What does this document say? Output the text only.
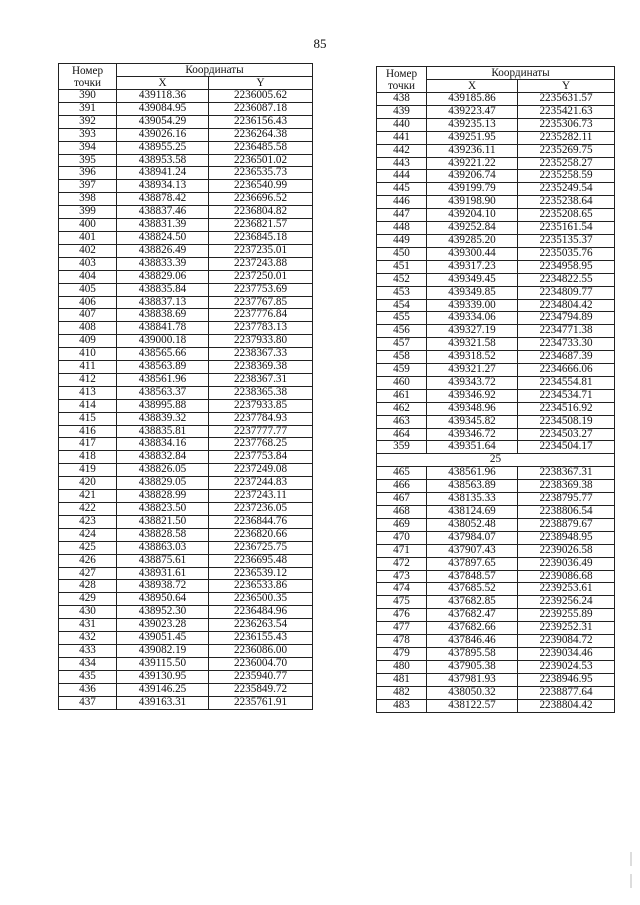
85
Номер
точки	Координаты	
	X	Y
390	439118.36	2236005.62
391	439084.95	2236087.18
392	439054.29	2236156.43
393	439026.16	2236264.38
394	438955.25	2236485.58
395	438953.58	2236501.02
396	438941.24	2236535.73
397	438934.13	2236540.99
398	438878.42	2236696.52
399	438837.46	2236804.82
400	438831.39	2236821.57
401	438824.50	2236845.18
402	438826.49	2237235.01
403	438833.39	2237243.88
404	438829.06	2237250.01
405	438835.84	2237753.69
406	438837.13	2237767.85
407	438838.69	2237776.84
408	438841.78	2237783.13
409	439000.18	2237933.80
410	438565.66	2238367.33
411	438563.89	2238369.38
412	438561.96	2238367.31
413	438563.37	2238365.38
414	438995.88	2237933.85
415	438839.32	2237784.93
416	438835.81	2237777.77
417	438834.16	2237768.25
418	438832.84	2237753.84
419	438826.05	2237249.08
420	438829.05	2237244.83
421	438828.99	2237243.11
422	438823.50	2237236.05
423	438821.50	2236844.76
424	438828.58	2236820.66
425	438863.03	2236725.75
426	438875.61	2236695.48
427	438931.61	2236539.12
428	438938.72	2236533.86
429	438950.64	2236500.35
430	438952.30	2236484.96
431	439023.28	2236263.54
432	439051.45	2236155.43
433	439082.19	2236086.00
434	439115.50	2236004.70
435	439130.95	2235940.77
436	439146.25	2235849.72
437	439163.31	2235761.91
Номер
точки	Координаты	
	X	Y
438	439185.86	2235631.57
439	439223.47	2235421.63
440	439235.13	2235306.73
441	439251.95	2235282.11
442	439236.11	2235269.75
443	439221.22	2235258.27
444	439206.74	2235258.59
445	439199.79	2235249.54
446	439198.90	2235238.64
447	439204.10	2235208.65
448	439252.84	2235161.54
449	439285.20	2235135.37
450	439300.44	2235035.76
451	439317.23	2234958.95
452	439349.45	2234822.55
453	439349.85	2234809.77
454	439339.00	2234804.42
455	439334.06	2234794.89
456	439327.19	2234771.38
457	439321.58	2234733.30
458	439318.52	2234687.39
459	439321.27	2234666.06
460	439343.72	2234554.81
461	439346.92	2234534.71
462	439348.96	2234516.92
463	439345.82	2234508.19
464	439346.72	2234503.27
359	439351.64	2234504.17
25		
465	438561.96	2238367.31
466	438563.89	2238369.38
467	438135.33	2238795.77
468	438124.69	2238806.54
469	438052.48	2238879.67
470	437984.07	2238948.95
471	437907.43	2239026.58
472	437897.65	2239036.49
473	437848.57	2239086.68
474	437685.52	2239253.61
475	437682.85	2239256.24
476	437682.47	2239255.89
477	437682.66	2239252.31
478	437846.46	2239084.72
479	437895.58	2239034.46
480	437905.38	2239024.53
481	437981.93	2238946.95
482	438050.32	2238877.64
483	438122.57	2238804.42
